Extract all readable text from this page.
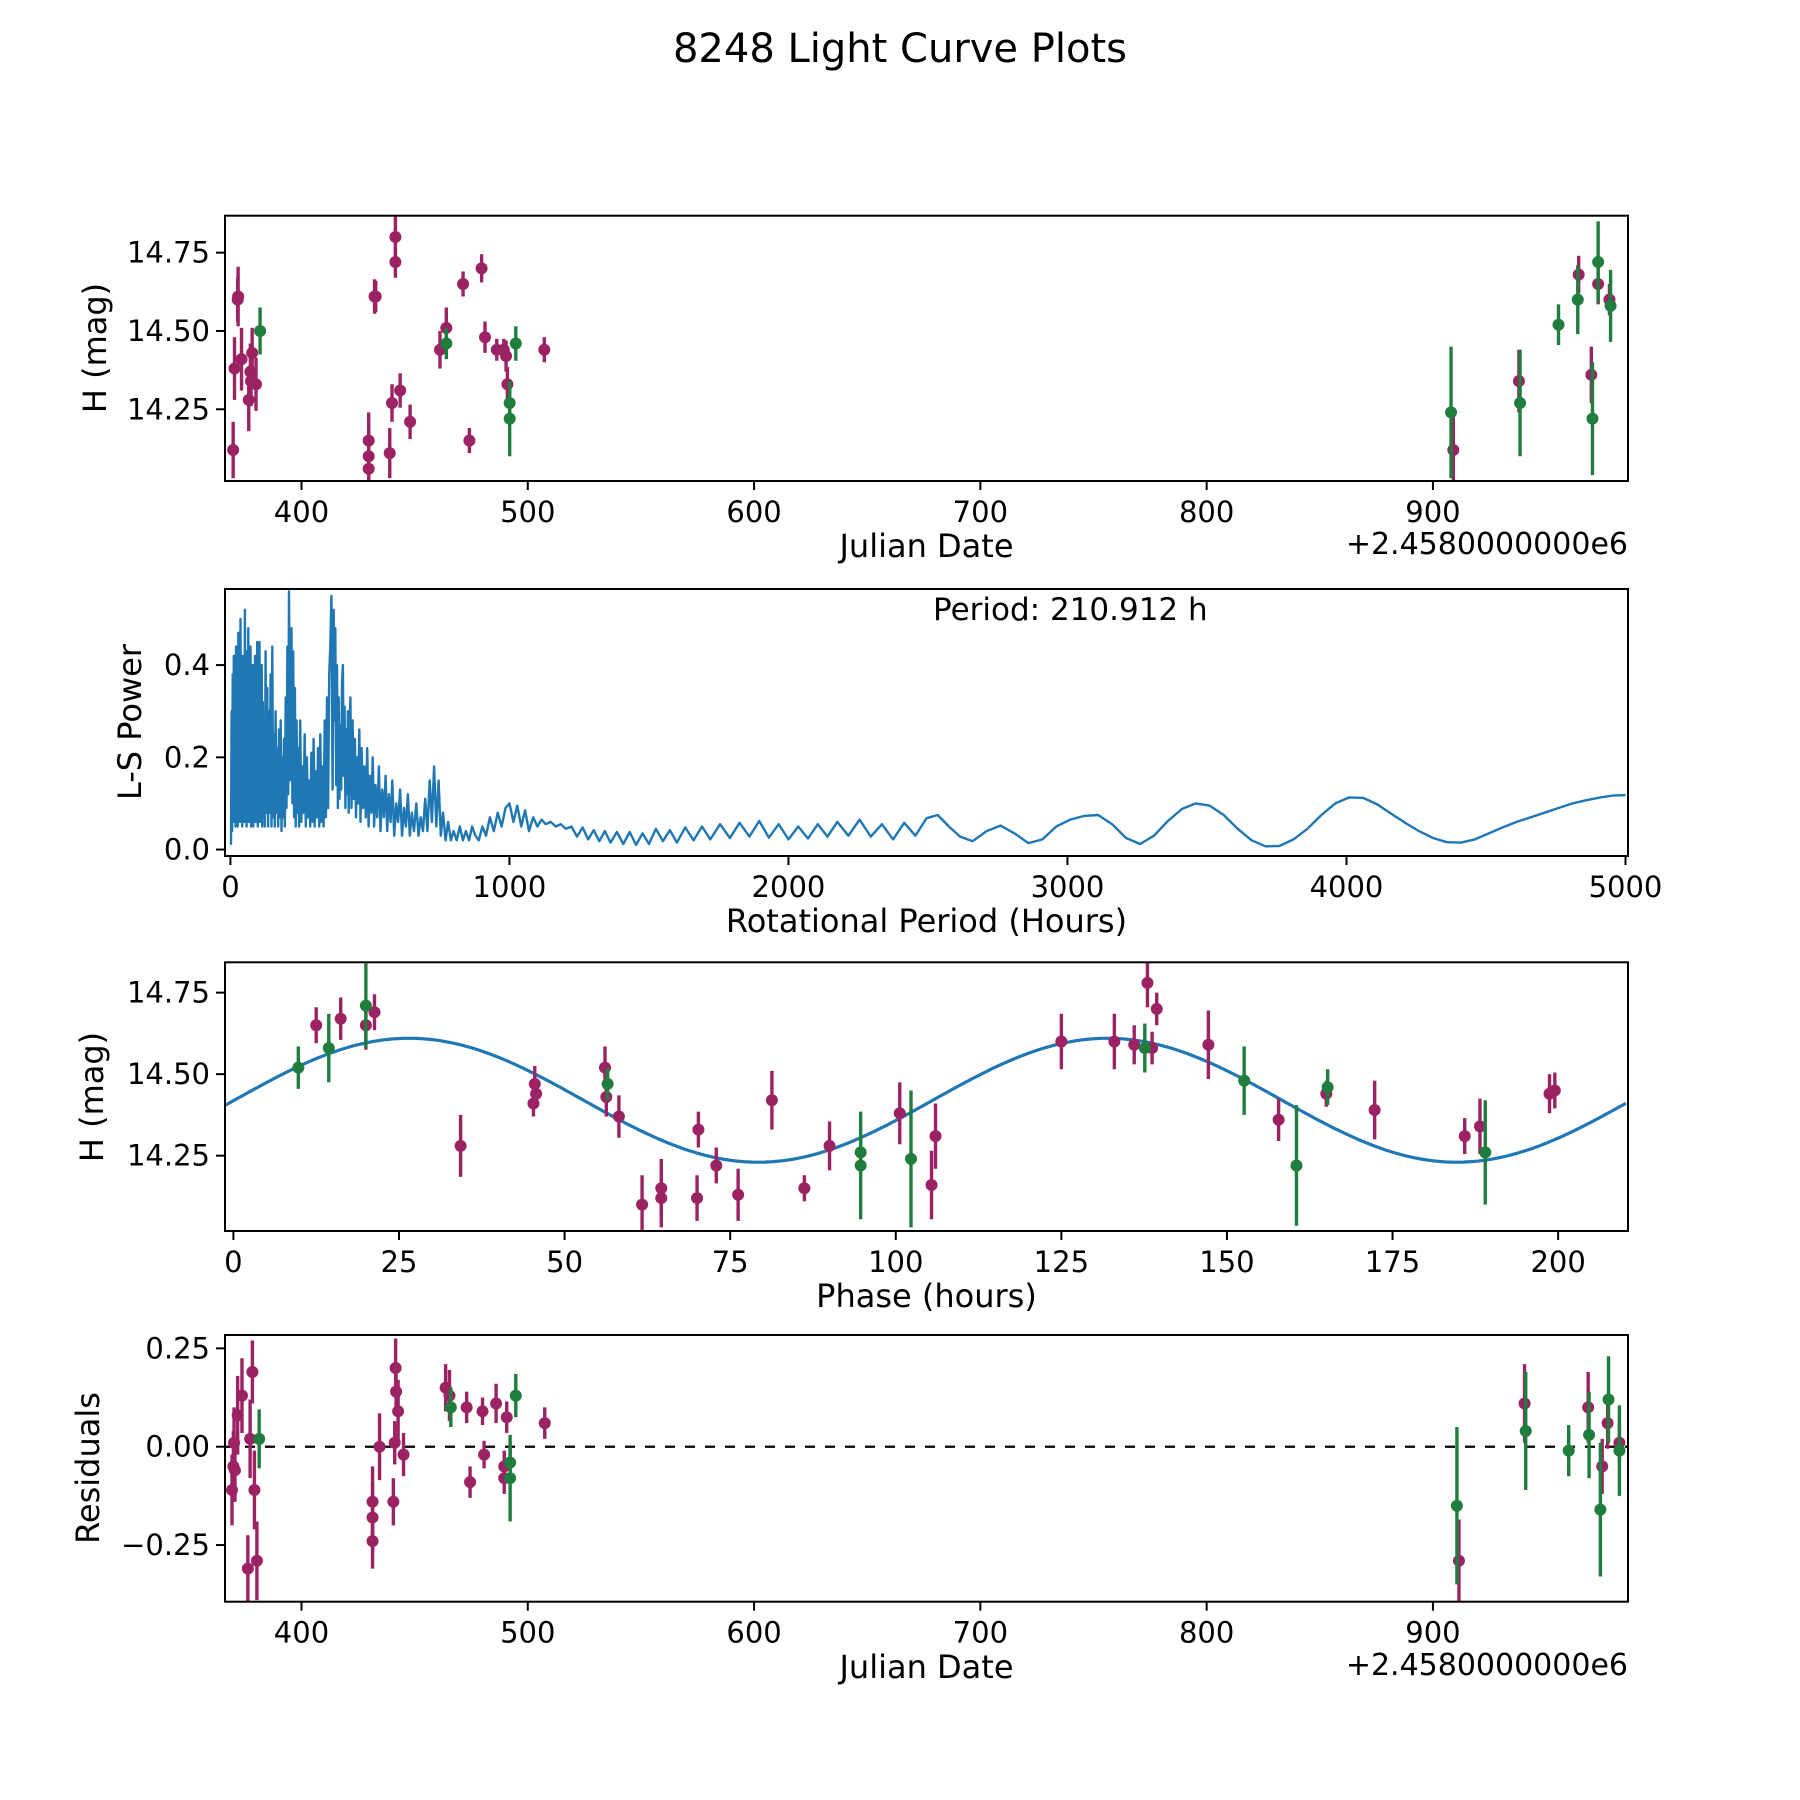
400	500	600	700	800	900
14.25
14.50
14.75
0	1000	2000	3000	4000	5000
0.0
0.2
0.4
0	25	50	75	100	125	150	175	200
14.25
14.50
14.75
400	500	600	700	800	900
−0.25
0.00
0.25
8248 Light Curve Plots
H (mag)
Julian Date	+2.4580000000e6
L-S Power
Rotational Period (Hours)
Period: 210.912 h
H (mag)
Phase (hours)
Residuals
Julian Date	+2.4580000000e6
